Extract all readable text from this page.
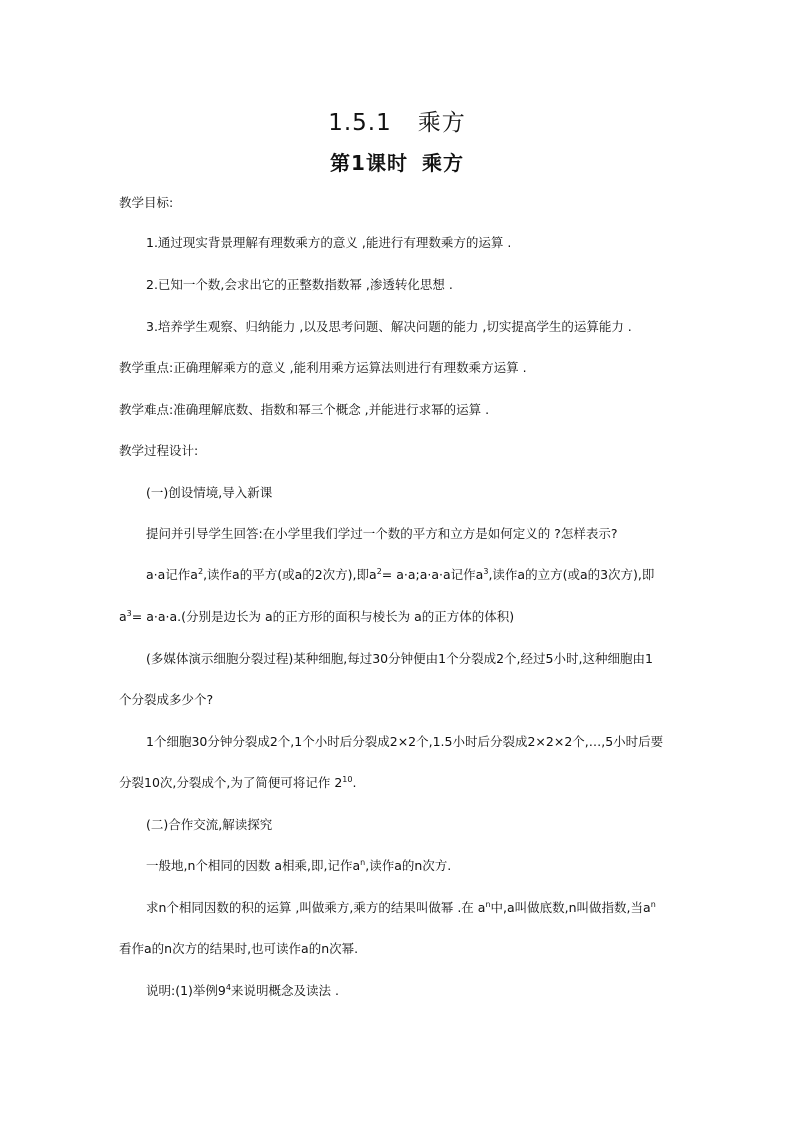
1.5.1 乘方
第1课时 乘方
教学目标:
1.通过现实背景理解有理数乘方的意义 ,能进行有理数乘方的运算 .
2.已知一个数,会求出它的正整数指数幂 ,渗透转化思想 .
3.培养学生观察、归纳能力 ,以及思考问题、解决问题的能力 ,切实提高学生的运算能力 .
教学重点:正确理解乘方的意义 ,能利用乘方运算法则进行有理数乘方运算 .
教学难点:准确理解底数、指数和幂三个概念 ,并能进行求幂的运算 .
教学过程设计:
(一)创设情境,导入新课
提问并引导学生回答:在小学里我们学过一个数的平方和立方是如何定义的 ?怎样表示?
a·a记作$a^2$,读作a的平方(或a的2次方),即$a^2=$ a·a;a·a·a记作$a^3$,读作a的立方(或a的3次方),即
$a^3= a\cdot a\cdot a$.(分别是边长为 a的正方形的面积与棱长为 a的正方体的体积)
(多媒体演示细胞分裂过程)某种细胞,每过30分钟便由1个分裂成2个,经过5小时,这种细胞由1
个分裂成多少个?
1个细胞30分钟分裂成2个,1个小时后分裂成2×2个,1.5小时后分裂成2×2×2个,…,5小时后要
分裂10次,分裂成个,为了简便可将记作 $2^{10}$.
(二)合作交流,解读探究
一般地,n个相同的因数 a相乘,即,记作$a^n$,读作a的n次方.
求n个相同因数的积的运算 ,叫做乘方,乘方的结果叫做幂 .在 $a^n$中,a叫做底数,n叫做指数,当$a^n$
看作a的n次方的结果时,也可读作a的n次幂.
说明:(1)举例$9^4$来说明概念及读法 .
